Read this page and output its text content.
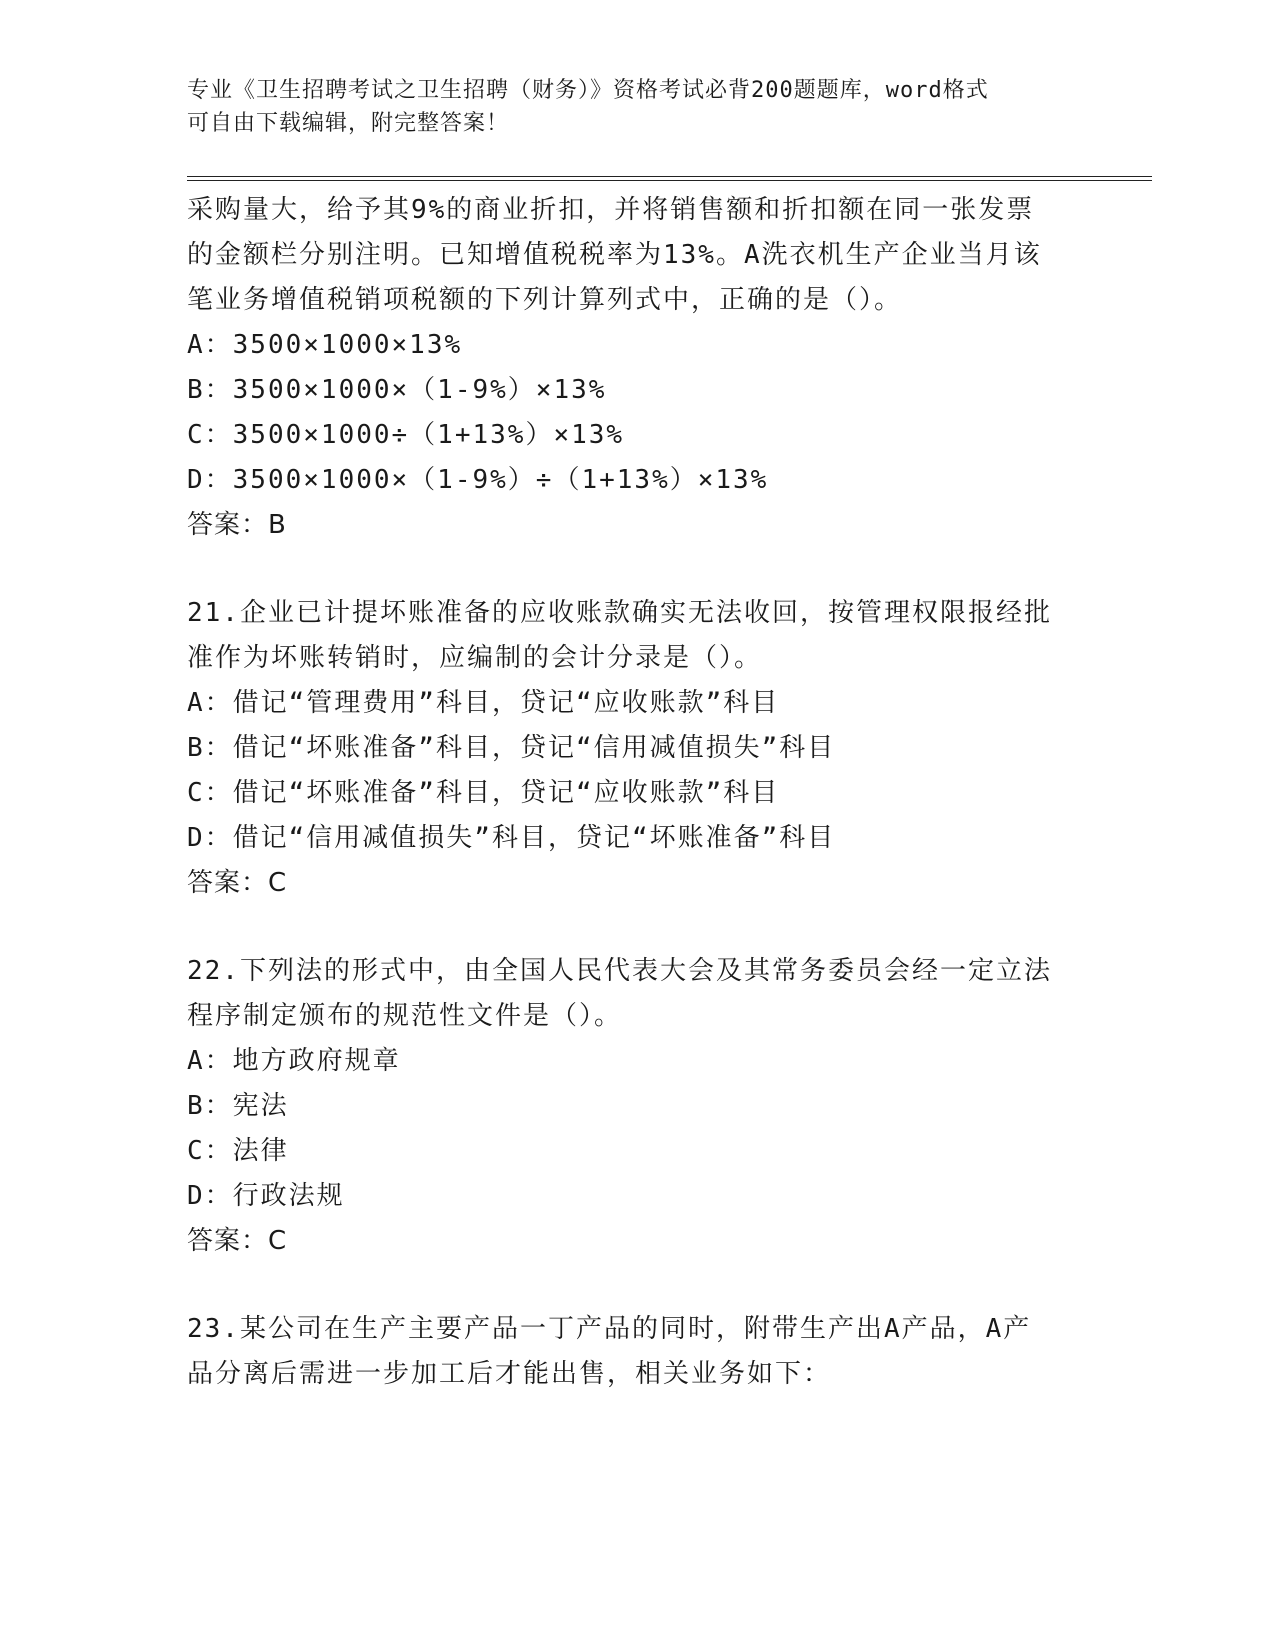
专业《卫生招聘考试之卫生招聘（财务）》资格考试必背200题题库，word格式
可自由下载编辑，附完整答案！
采购量大，给予其9%的商业折扣，并将销售额和折扣额在同一张发票
的金额栏分别注明。已知增值税税率为13%。A洗衣机生产企业当月该
笔业务增值税销项税额的下列计算列式中，正确的是（）。
A：3500×1000×13%
B：3500×1000×（1-9%）×13%
C：3500×1000÷（1+13%）×13%
D：3500×1000×（1-9%）÷（1+13%）×13%
答案：B
21.企业已计提坏账准备的应收账款确实无法收回，按管理权限报经批
准作为坏账转销时，应编制的会计分录是（）。
A：借记“管理费用”科目，贷记“应收账款”科目
B：借记“坏账准备”科目，贷记“信用减值损失”科目
C：借记“坏账准备”科目，贷记“应收账款”科目
D：借记“信用减值损失”科目，贷记“坏账准备”科目
答案：C
22.下列法的形式中，由全国人民代表大会及其常务委员会经一定立法
程序制定颁布的规范性文件是（）。
A：地方政府规章
B：宪法
C：法律
D：行政法规
答案：C
23.某公司在生产主要产品一丁产品的同时，附带生产出A产品，A产
品分离后需进一步加工后才能出售，相关业务如下：
